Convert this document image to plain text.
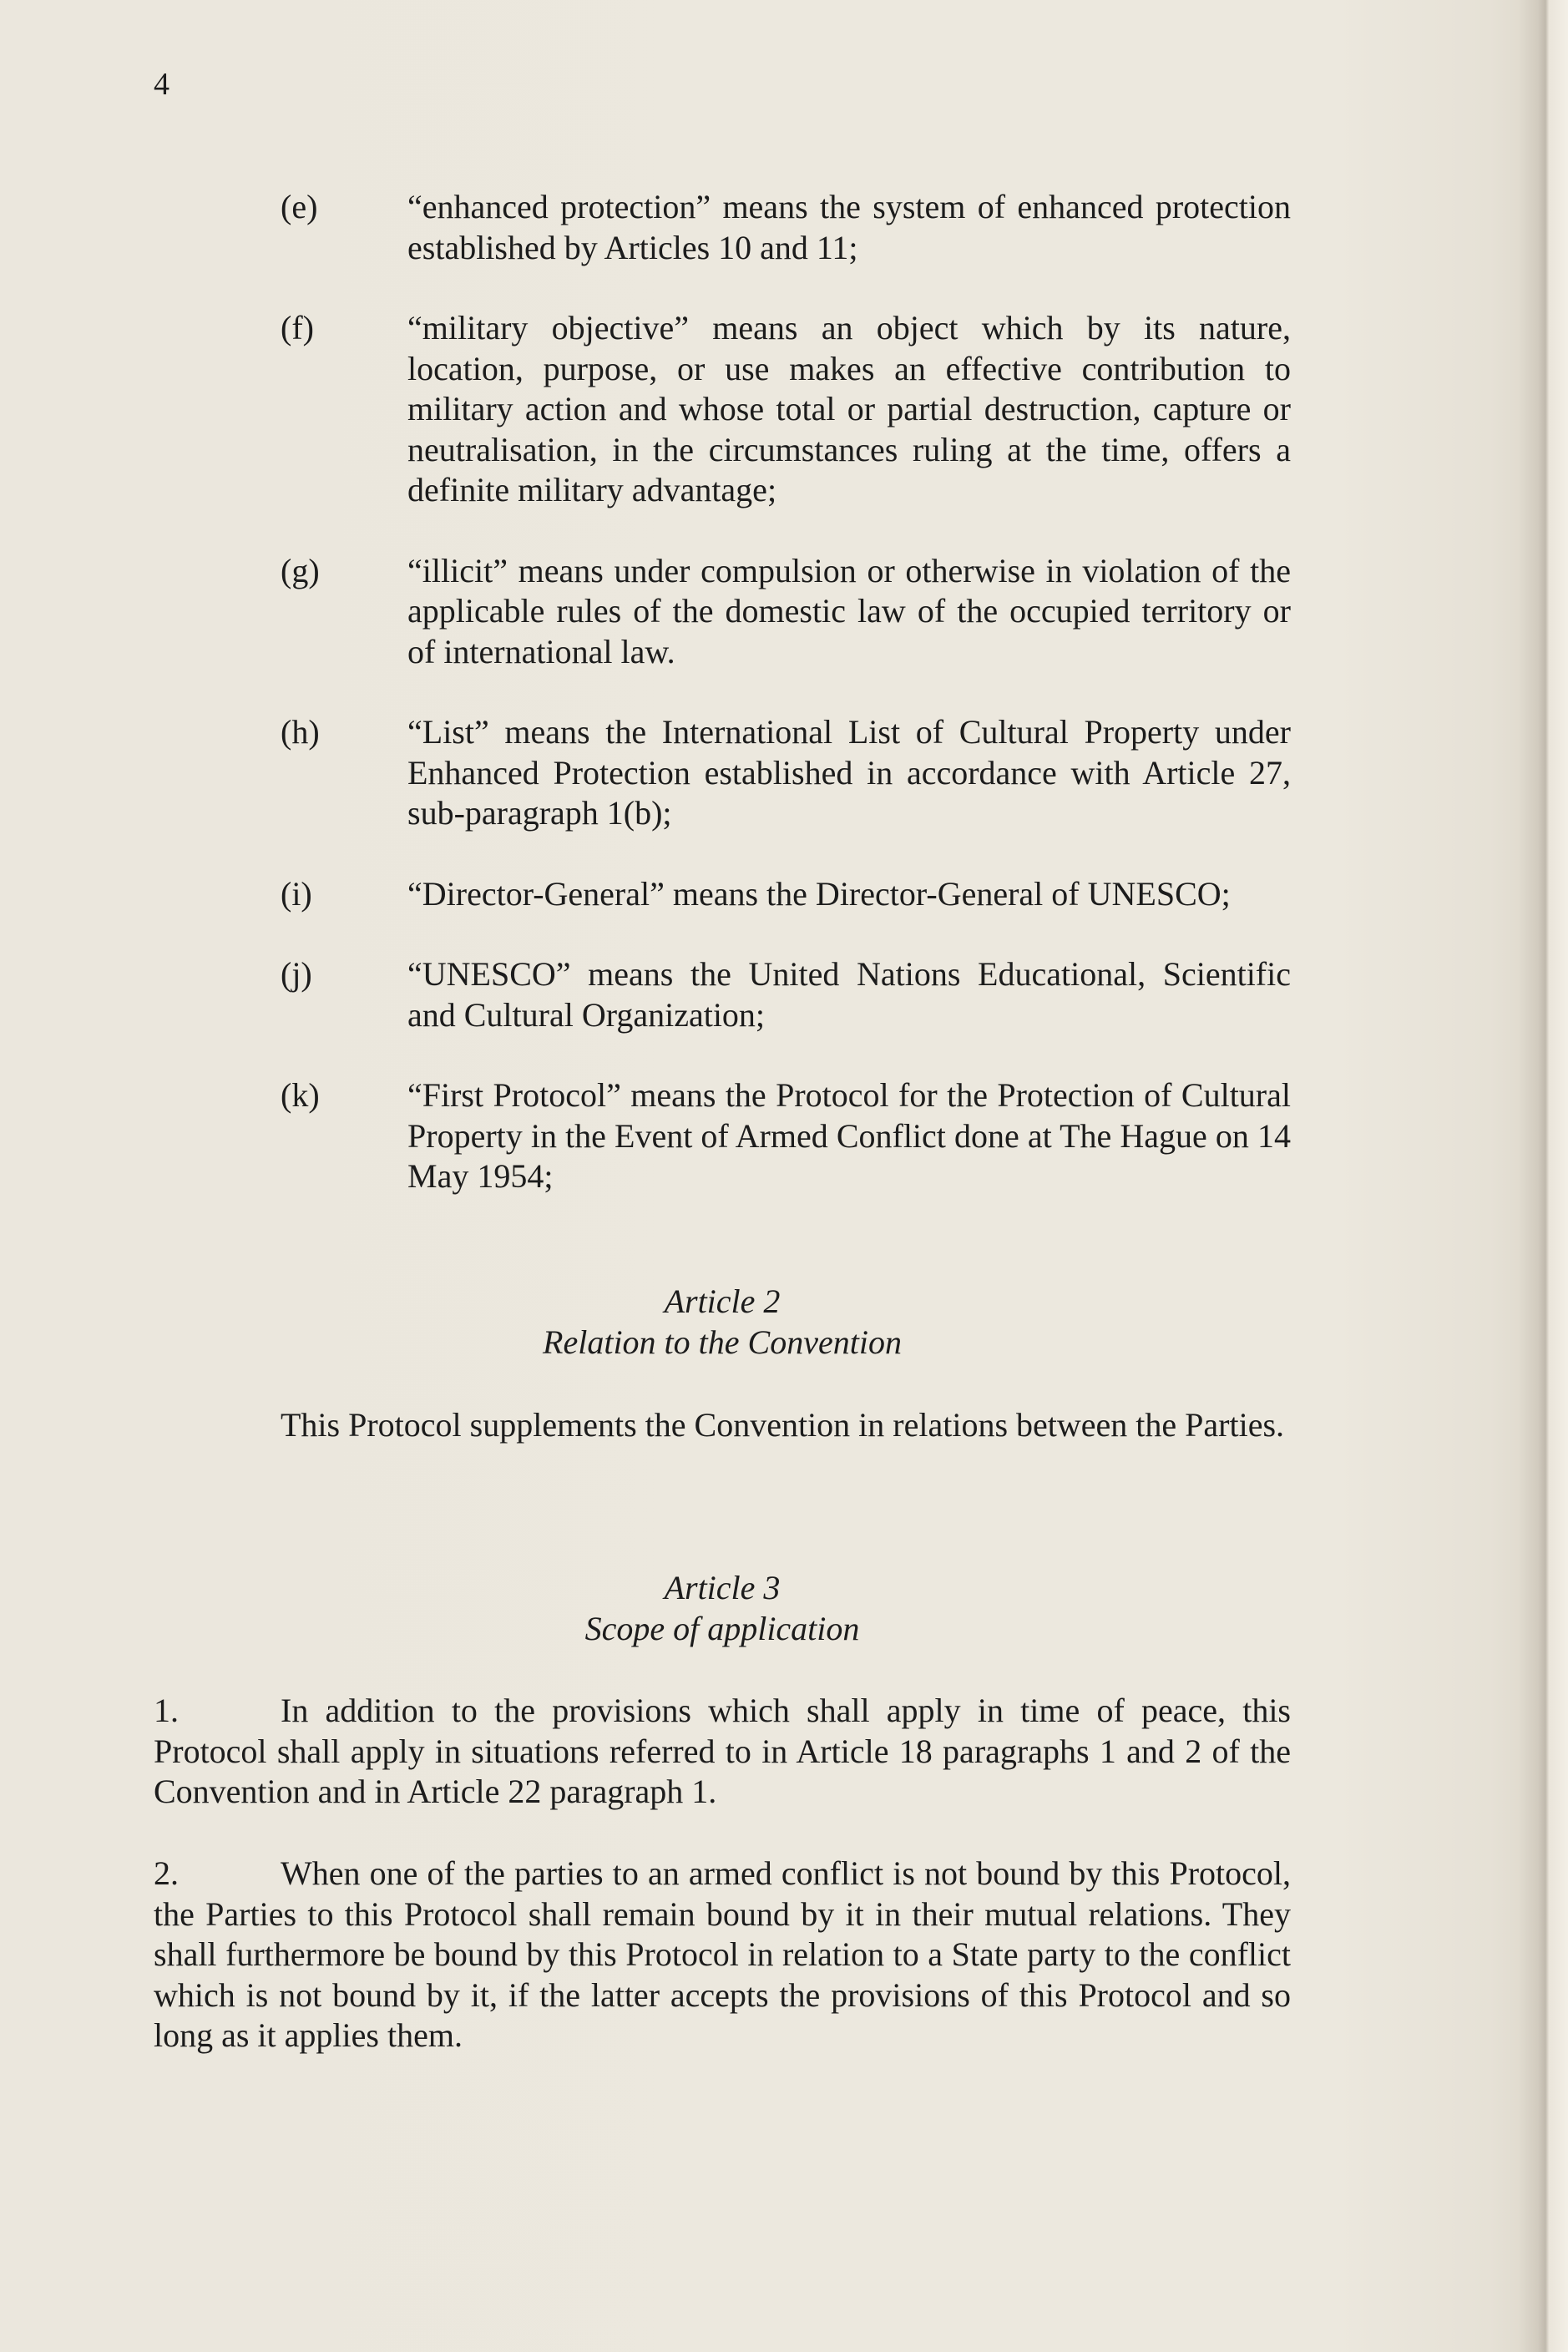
4
(e)	“enhanced protection” means the system of enhanced protection established by Articles 10 and 11;
(f)	“military objective” means an object which by its nature, location, purpose, or use makes an effective contribution to military action and whose total or partial destruction, capture or neutralisation, in the circumstances ruling at the time, offers a definite military advantage;
(g)	“illicit” means under compulsion or otherwise in violation of the applicable rules of the domestic law of the occupied territory or of international law.
(h)	“List” means the International List of Cultural Property under Enhanced Protection established in accordance with Article 27, sub-paragraph 1(b);
(i)	“Director-General” means the Director-General of UNESCO;
(j)	“UNESCO” means the United Nations Educational, Scientific and Cultural Organization;
(k)	“First Protocol” means the Protocol for the Protection of Cultural Property in the Event of Armed Conflict done at The Hague on 14 May 1954;
Article 2
Relation to the Convention
This Protocol supplements the Convention in relations between the Parties.
Article 3
Scope of application
1.	In addition to the provisions which shall apply in time of peace, this Protocol shall apply in situations referred to in Article 18 paragraphs 1 and 2 of the Convention and in Article 22 paragraph 1.
2.	When one of the parties to an armed conflict is not bound by this Protocol, the Parties to this Protocol shall remain bound by it in their mutual relations. They shall furthermore be bound by this Protocol in relation to a State party to the conflict which is not bound by it, if the latter accepts the provisions of this Protocol and so long as it applies them.
